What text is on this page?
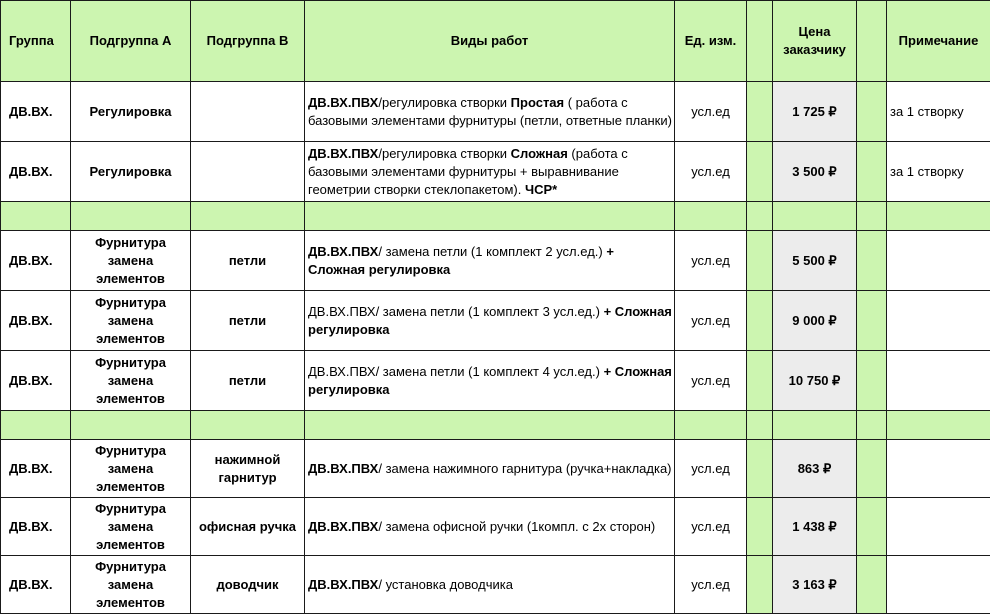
Группа	Подгруппа А	Подгруппа В	Виды работ	Ед. изм.		Цена заказчику		Примечание
ДВ.ВХ.	Регулировка		ДВ.ВХ.ПВХ/регулировка створки Простая ( работа с базовыми элементами фурнитуры (петли, ответные планки)	усл.ед		1 725 ₽		за 1 створку
ДВ.ВХ.	Регулировка		ДВ.ВХ.ПВХ/регулировка створки Сложная (работа с базовыми элементами фурнитуры + выравнивание геометрии створки стеклопакетом). ЧСР*	усл.ед		3 500 ₽		за 1 створку

ДВ.ВХ.	Фурнитура замена элементов	петли	ДВ.ВХ.ПВХ/ замена петли (1 комплект 2 усл.ед.) + Сложная регулировка	усл.ед		5 500 ₽		
ДВ.ВХ.	Фурнитура замена элементов	петли	ДВ.ВХ.ПВХ/ замена петли (1 комплект 3 усл.ед.) + Сложная регулировка	усл.ед		9 000 ₽		
ДВ.ВХ.	Фурнитура замена элементов	петли	ДВ.ВХ.ПВХ/ замена петли (1 комплект 4 усл.ед.) + Сложная регулировка	усл.ед		10 750 ₽		

ДВ.ВХ.	Фурнитура замена элементов	нажимной гарнитур	ДВ.ВХ.ПВХ/ замена нажимного гарнитура (ручка+накладка)	усл.ед		863 ₽		
ДВ.ВХ.	Фурнитура замена элементов	офисная ручка	ДВ.ВХ.ПВХ/ замена офисной ручки (1компл. с 2х сторон)	усл.ед		1 438 ₽		
ДВ.ВХ.	Фурнитура замена элементов	доводчик	ДВ.ВХ.ПВХ/ установка доводчика	усл.ед		3 163 ₽		
